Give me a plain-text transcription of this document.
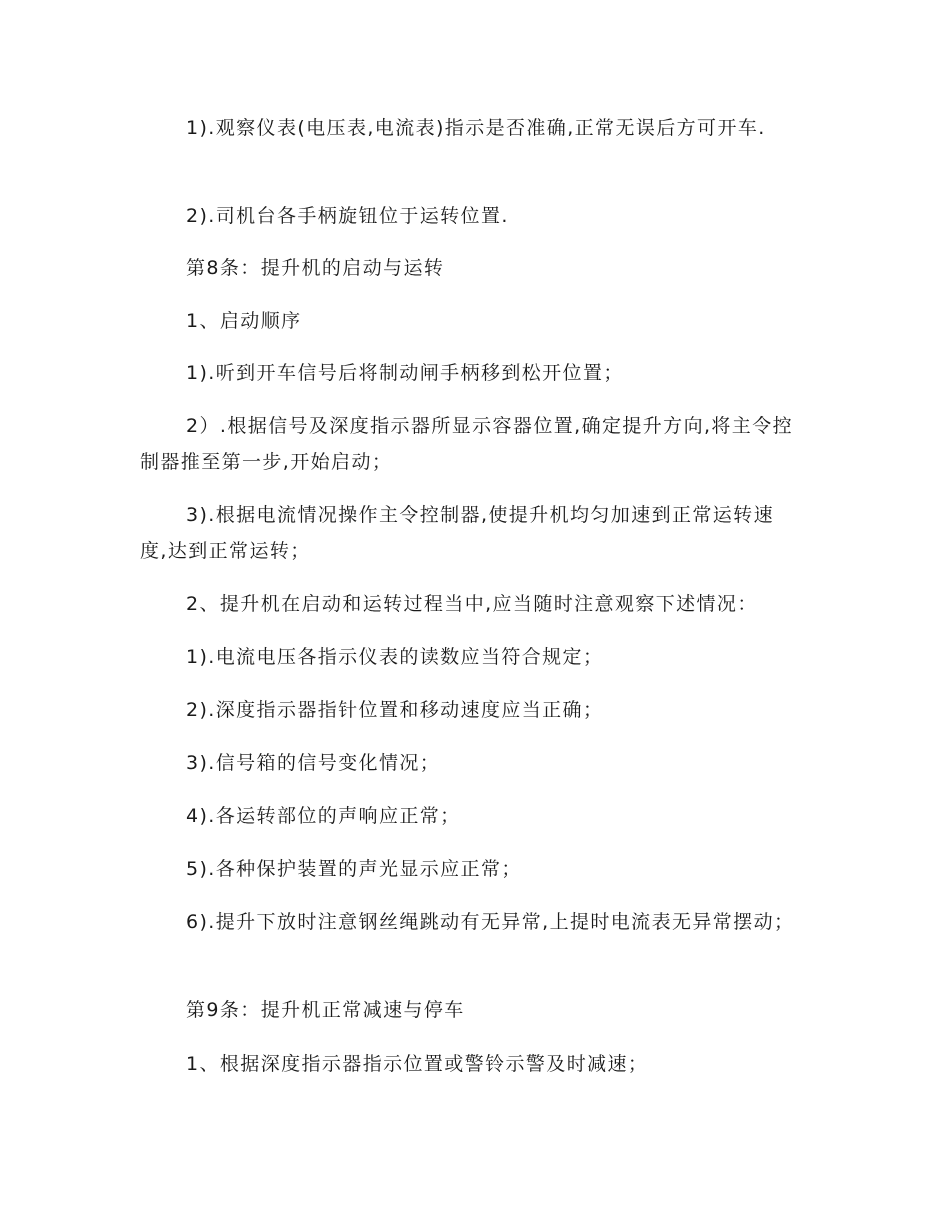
1).观察仪表(电压表,电流表)指示是否准确,正常无误后方可开车.

2).司机台各手柄旋钮位于运转位置.

第8条：提升机的启动与运转

1、启动顺序

1).听到开车信号后将制动闸手柄移到松开位置；

2）.根据信号及深度指示器所显示容器位置,确定提升方向,将主令控制器推至第一步,开始启动；

3).根据电流情况操作主令控制器,使提升机均匀加速到正常运转速度,达到正常运转；

2、提升机在启动和运转过程当中,应当随时注意观察下述情况：

1).电流电压各指示仪表的读数应当符合规定；

2).深度指示器指针位置和移动速度应当正确；

3).信号箱的信号变化情况；

4).各运转部位的声响应正常；

5).各种保护装置的声光显示应正常；

6).提升下放时注意钢丝绳跳动有无异常,上提时电流表无异常摆动；

第9条：提升机正常减速与停车

1、根据深度指示器指示位置或警铃示警及时减速；
